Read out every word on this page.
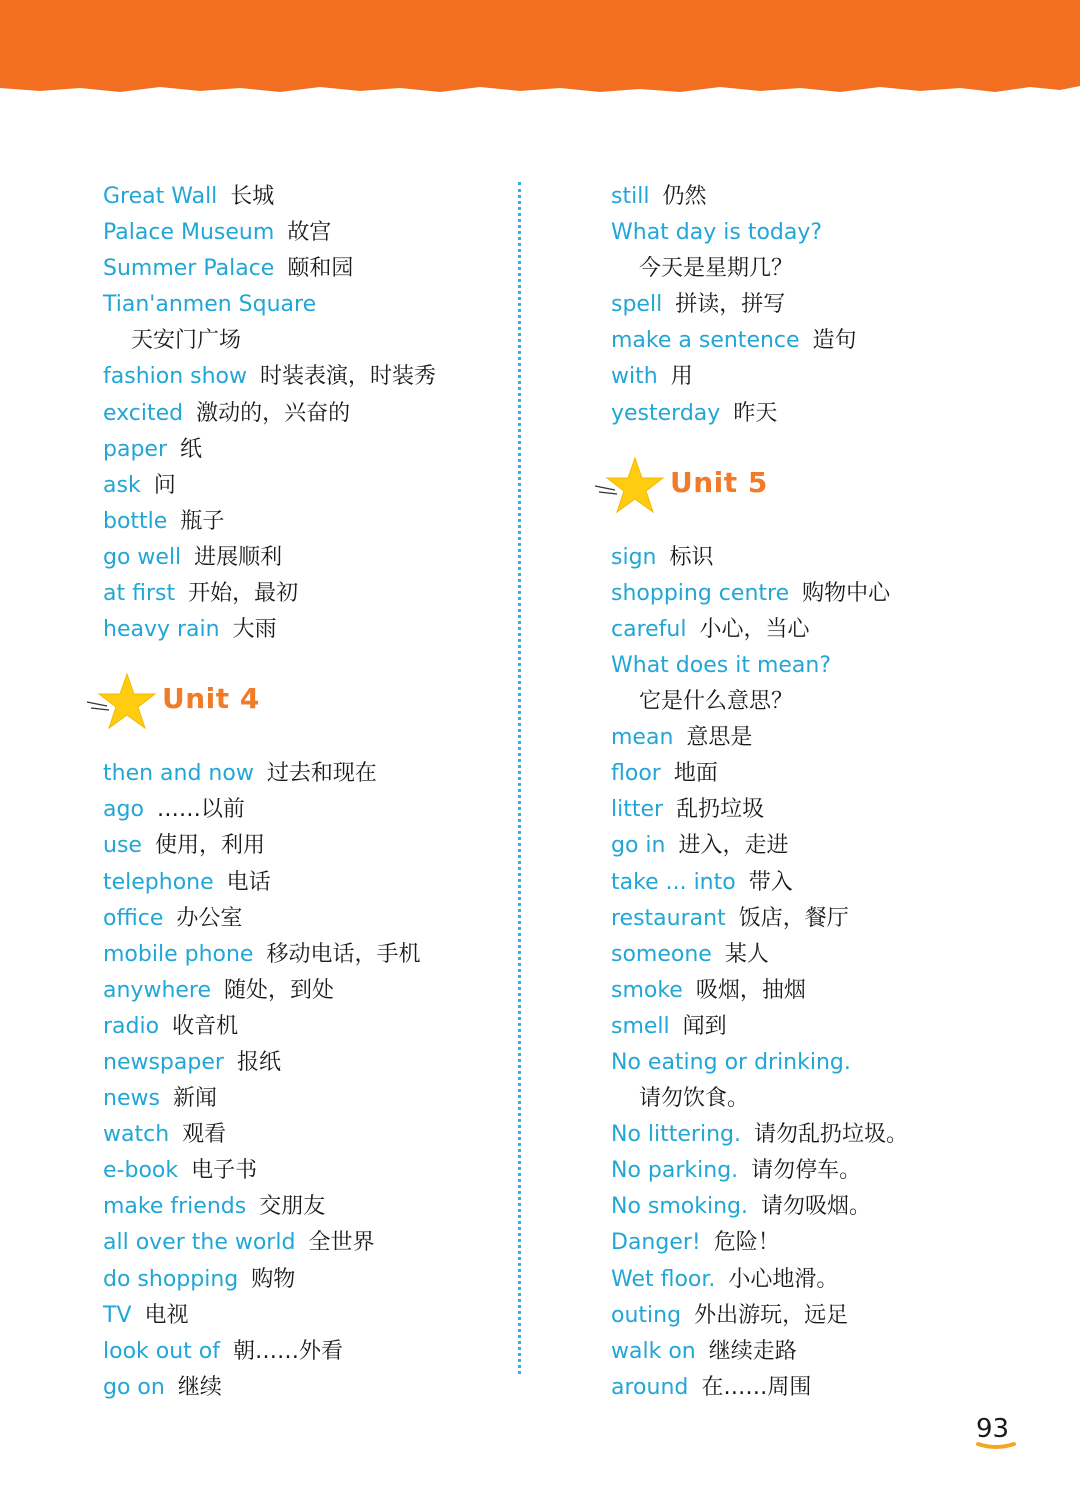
Great Wall 长城
Palace Museum 故宫
Summer Palace 颐和园
Tian'anmen Square
天安门广场
fashion show 时装表演，时装秀
excited 激动的，兴奋的
paper 纸
ask 问
bottle 瓶子
go well 进展顺利
at first 开始，最初
heavy rain 大雨
Unit 4
then and now 过去和现在
ago ……以前
use 使用，利用
telephone 电话
office 办公室
mobile phone 移动电话，手机
anywhere 随处，到处
radio 收音机
newspaper 报纸
news 新闻
watch 观看
e-book 电子书
make friends 交朋友
all over the world 全世界
do shopping 购物
TV 电视
look out of 朝……外看
go on 继续
still 仍然
What day is today?
今天是星期几？
spell 拼读，拼写
make a sentence 造句
with 用
yesterday 昨天
Unit 5
sign 标识
shopping centre 购物中心
careful 小心，当心
What does it mean?
它是什么意思？
mean 意思是
floor 地面
litter 乱扔垃圾
go in 进入，走进
take ... into 带入
restaurant 饭店，餐厅
someone 某人
smoke 吸烟，抽烟
smell 闻到
No eating or drinking.
请勿饮食。
No littering. 请勿乱扔垃圾。
No parking. 请勿停车。
No smoking. 请勿吸烟。
Danger! 危险！
Wet floor. 小心地滑。
outing 外出游玩，远足
walk on 继续走路
around 在……周围
93
